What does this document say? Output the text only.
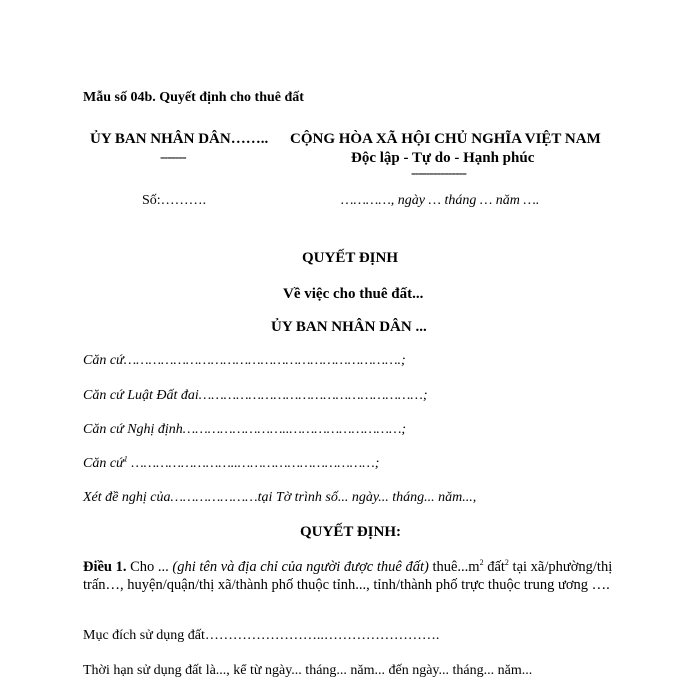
Mẫu số 04b. Quyết định cho thuê đất
ỦY BAN NHÂN DÂN……..
-------
CỘNG HÒA XÃ HỘI CHỦ NGHĨA VIỆT NAM
Độc lập - Tự do - Hạnh phúc
---------------
Số:……….	…………, ngày … tháng … năm ….
QUYẾT ĐỊNH
Về việc cho thuê đất...
ỦY BAN NHÂN DÂN ...
Căn cứ………………………………………………………….;
Căn cứ Luật Đất đai………………………………………………;
Căn cứ Nghị định……………………..………………………;
Căn cứ$^1$ ……………………..……………………………;
Xét đề nghị của…………………tại Tờ trình số... ngày... tháng... năm...,
QUYẾT ĐỊNH:
Điều 1. Cho ... (ghi tên và địa chỉ của người được thuê đất) $thuê...m^2$ đất$^2$ tại xã/phường/thị trấn…, huyện/quận/thị xã/thành phố thuộc tỉnh..., tỉnh/thành phố trực thuộc trung ương ….
Mục đích sử dụng đất……………………..…………………….
Thời hạn sử dụng đất là..., kể từ ngày... tháng... năm... đến ngày... tháng... năm...
